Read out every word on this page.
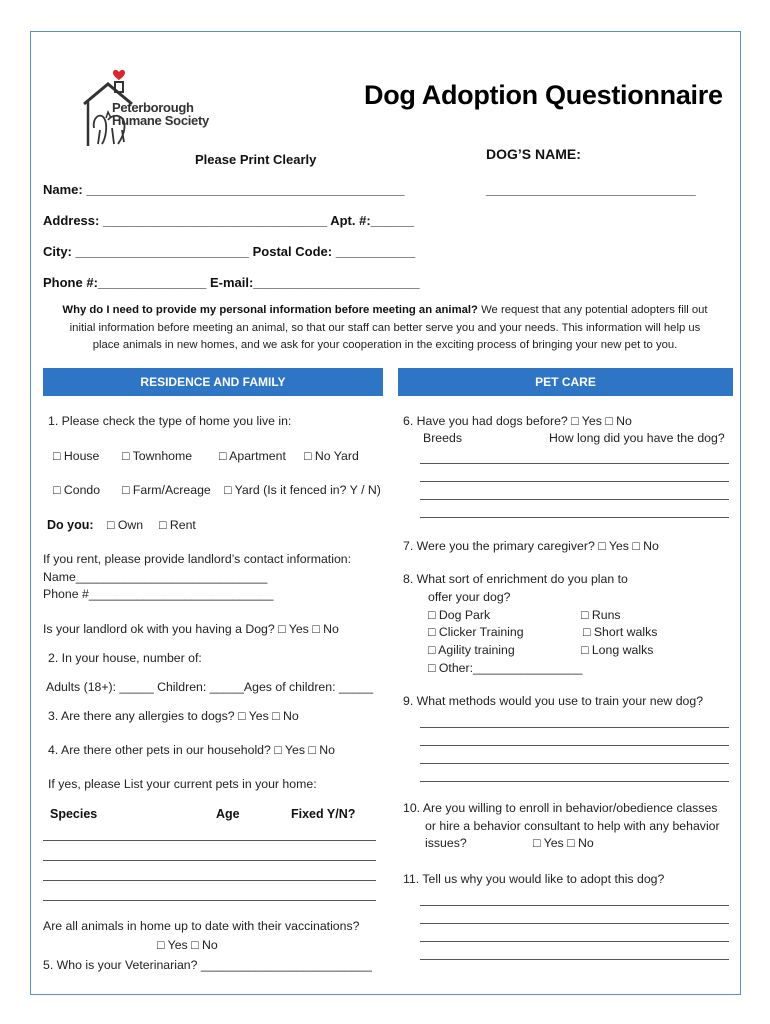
Peterborough
Humane Society
Dog Adoption Questionnaire
Please Print Clearly	DOG’S NAME:
_____________________________
Name: ____________________________________________
Address: _______________________________ Apt. #:______
City: ________________________ Postal Code: ___________
Phone #:_______________ E-mail:_______________________
Why do I need to provide my personal information before meeting an animal? We request that any potential adopters fill out
initial information before meeting an animal, so that our staff can better serve you and your needs. This information will help us
place animals in new homes, and we ask for your cooperation in the exciting process of bringing your new pet to you.
RESIDENCE AND FAMILY	PET CARE
1. Please check the type of home you live in:
□ House □ Townhome □ Apartment □ No Yard
□ Condo □ Farm/Acreage □ Yard (Is it fenced in? Y / N)
Do you: □ Own □ Rent
If you rent, please provide landlord’s contact information:
Name____________________________
Phone #___________________________
Is your landlord ok with you having a Dog? □ Yes □ No
2. In your house, number of:
Adults (18+): _____ Children: _____Ages of children: _____
3. Are there any allergies to dogs? □ Yes □ No
4. Are there other pets in our household? □ Yes □ No
If yes, please List your current pets in your home:
Species	Age	Fixed Y/N?
Are all animals in home up to date with their vaccinations?
□ Yes □ No
5. Who is your Veterinarian? _________________________
6. Have you had dogs before? □ Yes □ No
Breeds	How long did you have the dog?
7. Were you the primary caregiver? □ Yes □ No
8. What sort of enrichment do you plan to
offer your dog?
□ Dog Park	□ Runs
□ Clicker Training	□ Short walks
□ Agility training	□ Long walks
□ Other:________________
9. What methods would you use to train your new dog?
10. Are you willing to enroll in behavior/obedience classes
or hire a behavior consultant to help with any behavior
issues?	□ Yes □ No
11. Tell us why you would like to adopt this dog?
